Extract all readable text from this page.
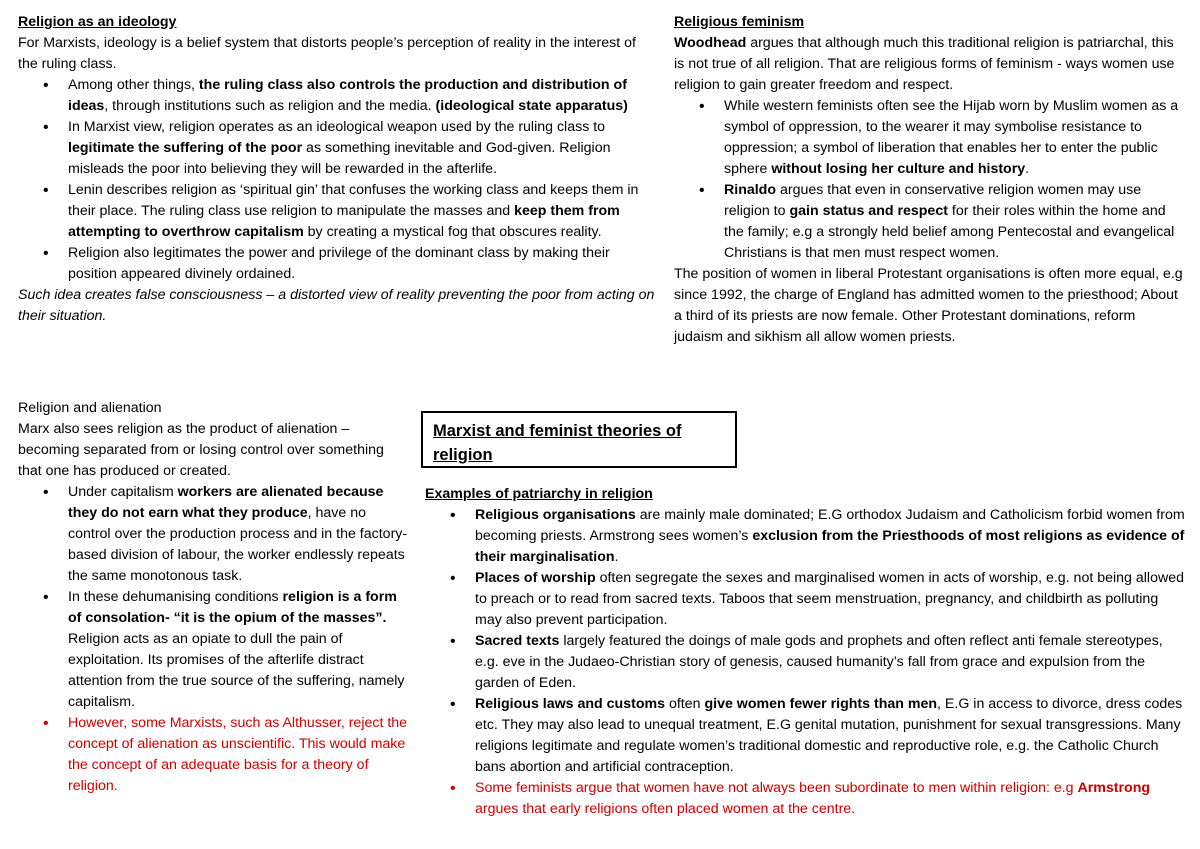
Religion as an ideology

For Marxists, ideology is a belief system that distorts people’s perception of reality in the interest of the ruling class.

• Among other things, the ruling class also controls the production and distribution of ideas, through institutions such as religion and the media. (ideological state apparatus)
• In Marxist view, religion operates as an ideological weapon used by the ruling class to legitimate the suffering of the poor as something inevitable and God-given. Religion misleads the poor into believing they will be rewarded in the afterlife.
• Lenin describes religion as ‘spiritual gin’ that confuses the working class and keeps them in their place. The ruling class use religion to manipulate the masses and keep them from attempting to overthrow capitalism by creating a mystical fog that obscures reality.
• Religion also legitimates the power and privilege of the dominant class by making their position appeared divinely ordained.

Such idea creates false consciousness – a distorted view of reality preventing the poor from acting on their situation.

Religious feminism

Woodhead argues that although much this traditional religion is patriarchal, this is not true of all religion. That are religious forms of feminism - ways women use religion to gain greater freedom and respect.

• While western feminists often see the Hijab worn by Muslim women as a symbol of oppression, to the wearer it may symbolise resistance to oppression; a symbol of liberation that enables her to enter the public sphere without losing her culture and history.
• Rinaldo argues that even in conservative religion women may use religion to gain status and respect for their roles within the home and the family; e.g a strongly held belief among Pentecostal and evangelical Christians is that men must respect women.

The position of women in liberal Protestant organisations is often more equal, e.g since 1992, the charge of England has admitted women to the priesthood; About a third of its priests are now female. Other Protestant dominations, reform judaism and sikhism all allow women priests.

Religion and alienation

Marx also sees religion as the product of alienation – becoming separated from or losing control over something that one has produced or created.

• Under capitalism workers are alienated because they do not earn what they produce, have no control over the production process and in the factory-based division of labour, the worker endlessly repeats the same monotonous task.
• In these dehumanising conditions religion is a form of consolation- “it is the opium of the masses”. Religion acts as an opiate to dull the pain of exploitation. Its promises of the afterlife distract attention from the true source of the suffering, namely capitalism.
• However, some Marxists, such as Althusser, reject the concept of alienation as unscientific. This would make the concept of an adequate basis for a theory of religion.
Marxist and feminist theories of religion

Examples of patriarchy in religion

• Religious organisations are mainly male dominated; E.G orthodox Judaism and Catholicism forbid women from becoming priests. Armstrong sees women’s exclusion from the Priesthoods of most religions as evidence of their marginalisation.
• Places of worship often segregate the sexes and marginalised women in acts of worship, e.g. not being allowed to preach or to read from sacred texts. Taboos that seem menstruation, pregnancy, and childbirth as polluting may also prevent participation.
• Sacred texts largely featured the doings of male gods and prophets and often reflect anti female stereotypes, e.g. eve in the Judaeo-Christian story of genesis, caused humanity’s fall from grace and expulsion from the garden of Eden.
• Religious laws and customs often give women fewer rights than men, E.G in access to divorce, dress codes etc. They may also lead to unequal treatment, E.G genital mutation, punishment for sexual transgressions. Many religions legitimate and regulate women’s traditional domestic and reproductive role, e.g. the Catholic Church bans abortion and artificial contraception.
• Some feminists argue that women have not always been subordinate to men within religion: e.g Armstrong argues that early religions often placed women at the centre.
